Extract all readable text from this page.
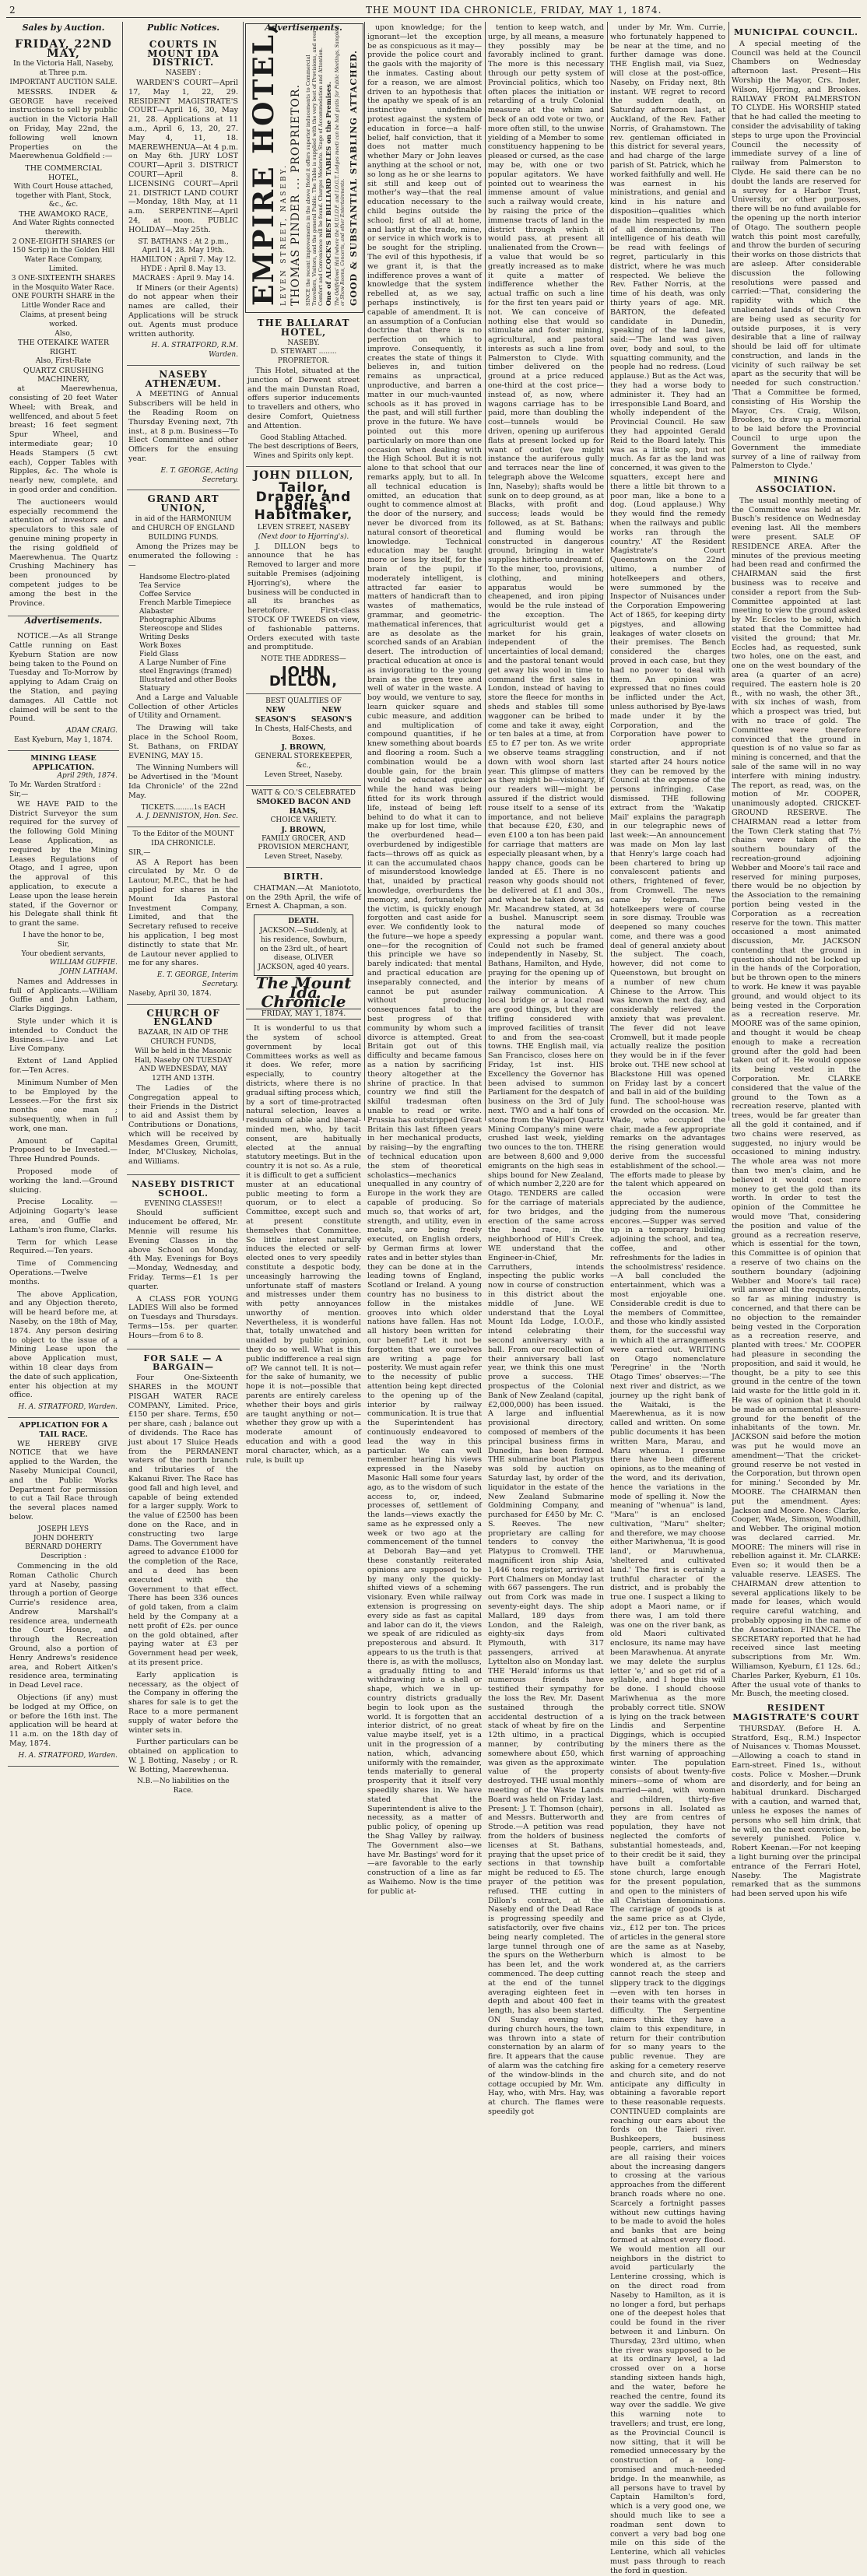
2	THE MOUNT IDA CHRONICLE, FRIDAY, MAY 1, 1874.
Sales by Auction.
FRIDAY, 22ND MAY,
In the Victoria Hall, Naseby, at Three p.m.
IMPORTANT AUCTION SALE.

MESSRS. INDER & GEORGE have received instructions to sell by public auction in the Victoria Hall on Friday, May 22nd, the following well known Properties on the Maerewhenua Goldfield :—

THE COMMERCIAL HOTEL,
With Court House attached, together with Plant, Stock, &c., &c.
THE AWAMOKO RACE,
And Water Rights connected therewith.
2 ONE-EIGHTH SHARES (or 150 Scrip) in the Golden Hill Water Race Company, Limited.
3 ONE-SIXTEENTH SHARES in the Mosquito Water Race.
ONE FOURTH SHARE in the Little Wonder Race and Claims, at present being worked.
Also,
THE OTEKAIKE WATER RIGHT.
Also, First-Rate
QUARTZ CRUSHING MACHINERY,

at Maerewhenua, consisting of 20 feet Water Wheel; with Break, and wellfenced, and about 5 feet breast; 16 feet segment Spur Wheel, and intermediate gear; 10 Heads Stampers (5 cwt each), Copper Tables with Ripples, &c. The whole is nearly new, complete, and in good order and condition.

The auctioneers would especially recommend the attention of investors and speculators to this sale of genuine mining property in the rising goldfield of Maerewhenua. The Quartz Crushing Machinery has been pronounced by competent judges to be among the best in the Province.

Advertisements.

NOTICE.—As all Strange Cattle running on East Kyeburn Station are now being taken to the Pound on Tuesday and To-Morrow by applying to Adam Craig on the Station, and paying damages. All Cattle not claimed will be sent to the Pound.

ADAM CRAIG.
East Kyeburn, May 1, 1874.
MINING LEASE APPLICATION.
April 29th, 1874.
To Mr. Warden Stratford :
Sir,—

WE HAVE PAID to the District Surveyor the sum required for the survey of the following Gold Mining Lease Application, as required by the Mining Leases Regulations of Otago, and I agree, upon the approval of this application, to execute a Lease upon the lease herein stated, if the Governor or his Delegate shall think fit to grant the same.

I have the honor to be,
Sir,
Your obedient servants,
WILLIAM GUFFIE.
JOHN LATHAM.

Names and Addresses in full of Applicants.—William Guffie and John Latham, Clarks Diggings.

Style under which it is intended to Conduct the Business.—Live and Let Live Company.

Extent of Land Applied for.—Ten Acres.

Minimum Number of Men to be Employed by the Lessees.—For the first six months one man ; subsequently, when in full work, one man.

Amount of Capital Proposed to be Invested.—Three Hundred Pounds.

Proposed mode of working the land.—Ground sluicing.

Precise Locality. — Adjoining Gogarty's lease area, and Guffie and Latham's iron flume, Clarks.

Term for which Lease Required.—Ten years.

Time of Commencing Operations.—Twelve months.

The above Application, and any Objection thereto, will be heard before me, at Naseby, on the 18th of May, 1874. Any person desiring to object to the issue of a Mining Lease upon the above Application must, within 18 clear days from the date of such application, enter his objection at my office.

H. A. STRATFORD, Warden.
APPLICATION FOR A TAIL RACE.

WE HEREBY GIVE NOTICE that we have applied to the Warden, the Naseby Municipal Council, and the Public Works Department for permission to cut a Tail Race through the several places named below.

JOSEPH LEYS
JOHN DOHERTY
BERNARD DOHERTY
Description :

Commencing in the old Roman Catholic Church yard at Naseby, passing through a portion of George Currie's residence area, Andrew Marshall's residence area, underneath the Court House, and through the Recreation Ground, also a portion of Henry Andrews's residence area, and Robert Aitken's residence area, terminating in Dead Level race.

Objections (if any) must be lodged at my Office, on or before the 16th inst. The application will be heard at 11 a.m. on the 18th day of May, 1874.

H. A. STRATFORD, Warden.
Public Notices.
COURTS IN MOUNT IDA DISTRICT.
NASEBY :

WARDEN'S COURT—April 17, May 1, 22, 29. RESIDENT MAGISTRATE'S COURT—April 16, 30, May 21, 28. Applications at 11 a.m., April 6, 13, 20, 27. May 4, 11, 18. MAEREWHENUA—At 4 p.m. on May 6th. JURY LOST COURT—April 3. DISTRICT COURT—April 8. LICENSING COURT—April 21. DISTRICT LAND COURT—Monday, 18th May, at 11 a.m. SERPENTINE—April 24, at noon. PUBLIC HOLIDAY—May 25th.

ST. BATHANS : At 2 p.m., April 14, 28. May 19th.
HAMILTON : April 7. May 12.
HYDE : April 8. May 13.
MACRAES : April 9. May 14.

If Miners (or their Agents) do not appear when their names are called, their Applications will be struck out. Agents must produce written authority.

H. A. STRATFORD, R.M. Warden.
NASEBY ATHENÆUM.

A MEETING of Annual Subscribers will be held in the Reading Room on Thursday Evening next, 7th inst., at 8 p.m. Business—To Elect Committee and other Officers for the ensuing year.

E. T. GEORGE, Acting Secretary.
GRAND ART UNION,
in aid of the HARMONIUM and CHURCH OF ENGLAND BUILDING FUNDS.

Among the Prizes may be enumerated the following :—

Handsome Electro-plated Tea Service
Coffee Service
French Marble Timepiece
Alabaster
Photographic Albums
Stereoscope and Slides
Writing Desks
Work Boxes
Field Glass
A Large Number of Fine steel Engravings (framed)
Illustrated and other Books
Statuary

And a Large and Valuable Collection of other Articles of Utility and Ornament.

The Drawing will take place in the School Room, St. Bathans, on FRIDAY EVENING, MAY 15.

The Winning Numbers will be Advertised in the 'Mount Ida Chronicle' of the 22nd May.

TICKETS.........1s EACH
A. J. DENNISTON, Hon. Sec.
To the Editor of the MOUNT IDA CHRONICLE.
SIR,—

AS A Report has been circulated by Mr. O de Lautour, M.P.C., that he had applied for shares in the Mount Ida Pastoral Investment Company, Limited, and that the Secretary refused to receive his application, I beg most distinctly to state that Mr. de Lautour never applied to me for any shares.

E. T. GEORGE, Interim Secretary.
Naseby, April 30, 1874.
CHURCH OF ENGLAND
BAZAAR, IN AID OF THE CHURCH FUNDS,
Will be held in the Masonic Hall, Naseby ON TUESDAY AND WEDNESDAY, MAY 12TH AND 13TH.

The Ladies of the Congregation appeal to their Friends in the District to aid and Assist them by Contributions or Donations, which will be received by Mesdames Green, Grumitt, Inder, M'Cluskey, Nicholas, and Williams.

NASEBY DISTRICT SCHOOL.
EVENING CLASSES!!

Should sufficient inducement be offered, Mr. Mennie will resume his Evening Classes in the above School on Monday, 4th May. Evenings for Boys—Monday, Wednesday, and Friday. Terms—£1 1s per quarter.

A CLASS FOR YOUNG LADIES Will also be formed on Tuesdays and Thursdays. Terms—15s. per quarter. Hours—from 6 to 8.

FOR SALE — A BARGAIN—

Four One-Sixteenth SHARES in the MOUNT PISGAH WATER RACE COMPANY, Limited. Price, £150 per share. Terms, £50 per share, cash ; balance out of dividends. The Race has just about 17 Sluice Heads from the PERMANENT waters of the north branch and tributaries of the Kakanui River. The Race has good fall and high level, and capable of being extended for a larger supply. Work to the value of £2500 has been done on the Race, and in constructing two large Dams. The Government have agreed to advance £1000 for the completion of the Race, and a deed has been executed with the Government to that effect. There has been 336 ounces of gold taken, from a claim held by the Company at a nett profit of £2s. per ounce on the gold obtained, after paying water at £3 per Government head per week, at its present price.

Early application is necessary, as the object of the Company in offering the shares for sale is to get the Race to a more permanent supply of water before the winter sets in.

Further particulars can be obtained on application to W. J. Botting, Naseby ; or R. W. Botting, Maerewhenua.

N.B.—No liabilities on the Race.
Advertisements.
EMPIRE HOTEL, LEVEN STREET, NASEBY. THOMAS PINDER ... PROPRIETOR. SINCE the recent improvements in the above Hotel it offers superior inducements to Commercial Travellers, Visitors, and the general Public. The Table is supplied with the very best of Provisions, and every Comfort and Convenience will be found. Charges Moderate. Stage of Accommodation and Attention. One of ALCOCK'S BEST BILLIARD TABLES on the Premises. The Oddfellows' Hall (where the M.U.I.O.F. and I.O.G.T. Lodges meet) can be had gratis for Public Meetings, Sample or Show Rooms, Concerts, and other Entertainments. GOOD & SUBSTANTIAL STABLING ATTACHED.
THE BALLARAT HOTEL,
NASEBY.
D. STEWART ........ PROPRIETOR.

This Hotel, situated at the junction of Derwent street and the main Dunstan Road, offers superior inducements to travellers and others, who desire Comfort, Quietness and Attention.

Good Stabling Attached.
The best descriptions of Beers, Wines and Spirits only kept.
JOHN DILLON,
Tailor, Draper, and Ladies' Habitmaker,
LEVEN STREET, NASEBY
(Next door to Hjorring's).

J. DILLON begs to announce that he has Removed to larger and more suitable Premises (adjoining Hjorring's), where the business will be conducted in all its branches as heretofore. First-class STOCK OF TWEEDS on view, of fashionable patterns. Orders executed with taste and promptitude.

NOTE THE ADDRESS—
JOHN DILLON,
BEST QUALITIES OF
NEW SEASON'S
NEW SEASON'S
In Chests, Half-Chests, and Boxes.
J. BROWN,
GENERAL STOREKEEPER, &c.,
Leven Street, Naseby.
WATT & CO.'S CELEBRATED
SMOKED BACON AND HAMS,
CHOICE VARIETY.
J. BROWN,
FAMILY GROCER, AND PROVISION MERCHANT, Leven Street, Naseby.
BIRTH.

CHATMAN.—At Maniototo, on the 29th April, the wife of Ernest A. Chapman, a son.

DEATH.
JACKSON.—Suddenly, at his residence, Sowburn, on the 23rd ult., of heart disease, OLIVER JACKSON, aged 40 years.
The Mount Ida Chronicle
FRIDAY, MAY 1, 1874.

It is wonderful to us that the system of school government by local Committees works as well as it does. We refer, more especially, to country districts, where there is no gradual sifting process which, by a sort of time-protracted natural selection, leaves a residuum of able and liberal-minded men, who, by tacit consent, are habitually elected at the annual statutory meetings. But in the country it is not so. As a rule, it is difficult to get a sufficient muster at an educational public meeting to form a quorum, or to elect a Committee, except such and at present constitute themselves that Committee. So little interest naturally induces the elected or self-elected ones to very speedily constitute a despotic body, unceasingly harrowing the unfortunate staff of masters and mistresses under them with petty annoyances unworthy of mention. Nevertheless, it is wonderful that, totally unwatched and unaided by public opinion, they do so well. What is this public indifference a real sign of? We cannot tell. It is not—for the sake of humanity, we hope it is not—possible that parents are entirely careless whether their boys and girls are taught anything or not—whether they grow up with a moderate amount of education and with a good moral character, which, as a rule, is built up

upon knowledge; for the ignorant—let the exception be as conspicuous as it may—provide the police court and the gaols with the majority of the inmates. Casting about for a reason, we are almost driven to an hypothesis that the apathy we speak of is an instinctive undefinable protest against the system of education in force—a half-belief, half conviction, that it does not matter much whether Mary or John leaves anything at the school or not, so long as he or she learns to sit still and keep out of mother's way—that the real education necessary to the child begins outside the school; first of all at home, and lastly at the trade, mine, or service in which work is to be sought for the stripling. The evil of this hypothesis, if we grant it, is that the indifference proves a want of knowledge that the system rebelled at, as we say, perhaps instinctively, is capable of amendment. It is an assumption of a Confucian doctrine that there is no perfection on which to improve. Consequently, it creates the state of things it believes in, and tuition remains as unpractical, unproductive, and barren a matter in our much-vaunted schools as it has proved in the past, and will still further prove in the future. We have pointed out this more particularly on more than one occasion when dealing with the High School. But it is not alone to that school that our remarks apply, but to all. In all technical education is omitted, an education that ought to commence almost at the door of the nursery, and never be divorced from its natural consort of theoretical knowledge. Technical education may be taught more or less by itself, for the brain of the pupil, if moderately intelligent, is attracted far easier to matters of handicraft than to wastes of mathematics, grammar, and geometric-mathematical inferences, that are as desolate as the scorched sands of an Arabian desert. The introduction of practical education at once is as invigorating to the young brain as the green tree and well of water in the waste. A boy would, we venture to say, learn quicker square and cubic measure, and addition and multiplication of compound quantities, if he knew something about boards and flooring a room. Such a combination would be a double gain, for the brain would be educated quicker while the hand was being fitted for its work through life, instead of being left behind to do what it can to make up for lost time, while the overburdened head—overburdened by indigestible facts—throws off as quick as it can the accumulated chaos of misunderstood knowledge that, unaided by practical knowledge, overburdens the memory, and, fortunately for the victim, is quickly enough forgotten and cast aside for ever. We confidently look to the future—we hope a speedy one—for the recognition of this principle we have so barely indicated: that mental and practical education are inseparably connected, and cannot be put asunder without producing consequences fatal to the best progress of that community by whom such a divorce is attempted. Great Britain got out of this difficulty and became famous as a nation by sacrificing theory altogether at the shrine of practice. In that country we find still the skilful tradesman often unable to read or write. Prussia has outstripped Great Britain this last fifteen years in her mechanical products, by raising—by the engrafting of technical education upon the stem of theoretical scholastics—mechanics unequalled in any country of Europe in the work they are capable of producing. So much so, that works of art, strength, and utility, even in metals, are being freely executed, on English orders, by German firms at lower rates and in better styles than they can be done at in the leading towns of England, Scotland or Ireland. A young country has no business to follow in the mistakes grooves into which older nations have fallen. Has not all history been written for our benefit? Let it not be forgotten that we ourselves are writing a page for posterity. We must again refer to the necessity of public attention being kept directed to the opening up of the interior by railway communication. It is true that the Superintendent has continuously endeavored to lead the way in this particular. We can well remember hearing his views expressed in the Naseby Masonic Hall some four years ago, as to the wisdom of such access to, or, indeed, processes of, settlement of the lands—views exactly the same as he expressed only a week or two ago at the commencement of the tunnel at Deborah Bay—and yet these constantly reiterated opinions are supposed to be by many only the quickly-shifted views of a scheming visionary. Even while railway extension is progressing on every side as fast as capital and labor can do it, the views we speak of are ridiculed as preposterous and absurd. It appears to us the truth is that there is, as with the molluscs, a gradually fitting to and withdrawing into a shell or shape, which we in up-country districts gradually begin to look upon as the world. It is forgotten that an interior district, of no great value maybe itself, yet is a unit in the progression of a nation, which, advancing uniformly with the remainder, tends materially to general prosperity that it itself very speedily shares in. We have stated that the Superintendent is alive to the necessity, as a matter of public policy, of opening up the Shag Valley by railway. The Government also—we have Mr. Bastings' word for it—are favorable to the early construction of a line as far as Waihemo. Now is the time for public at-

tention to keep watch, and urge, by all means, a measure they possibly may be favorably inclined to grant. The more is this necessary through our petty system of Provincial politics, which too often places the initiation or retarding of a truly Colonial measure at the whim and beck of an odd vote or two, or more often still, to the unwise yielding of a Member to some constituency happening to be pleased or cursed, as the case may be, with one or two popular agitators. We have pointed out to weariness the immense amount of value such a railway would create, by raising the price of the immense tracts of land in the district through which it would pass, at present all unalienated from the Crown—a value that would be so greatly increased as to make it quite a matter of indifference whether the actual traffic on such a line for the first ten years paid or not. We can conceive of nothing else that would so stimulate and foster mining, agricultural, and pastoral interests as such a line from Palmerston to Clyde. With timber delivered on the ground at a price reduced one-third at the cost price—instead of, as now, where wagons carriage has to be paid, more than doubling the cost—tunnels would be driven, opening up auriferous flats at present locked up for want of outlet (we might instance the auriferous gully and terraces near the line of telegraph above the Welcome Inn, Naseby); shafts would be sunk on to deep ground, as at Blacks, with profit and success; leads would be followed, as at St. Bathans; and fluming would be constructed in dangerous ground, bringing in water supplies hitherto undreamt of. To the miner, too, provisions, clothing, and mining apparatus would be cheapened, and iron piping would be the rule instead of the exception. The agriculturist would get a market for his grain, independent of the uncertainties of local demand; and the pastoral tenant would get away his wool in time to command the first sales in London, instead of having to store the fleece for months in sheds and stables till some waggoner can be bribed to come and take it away, eight or ten bales at a time, at from £5 to £7 per ton. As we write we observe teams straggling down with wool shorn last year. This glimpse of matters as they might be—visionary, if our readers will—might be assured if the district would rouse itself to a sense of its importance, and not believe that because £20, £30, and even £100 a ton has been paid for carriage that matters are especially pleasant when, by a happy chance, goods can be landed at £5. There is no reason why goods should not be delivered at £1 and 30s., and wheat be taken down, as Mr. Macandrew stated, at 3d a bushel. Manuscript seem the natural mode of expressing a popular want. Could not such be framed independently in Naseby, St. Bathans, Hamilton, and Hyde, praying for the opening up of the interior by means of railway communication. A local bridge or a local road are good things, but they are trifling considered with improved facilities of transit to and from the sea-coast towns. THE English mail, via San Francisco, closes here on Friday, 1st inst. HIS Excellency the Governor has been advised to summon Parliament for the despatch of business on the 3rd of July next. TWO and a half tons of stone from the Waipori Quartz Mining Company's mine were crushed last week, yielding two ounces to the ton. THERE are between 8,600 and 9,000 emigrants on the high seas in ships bound for New Zealand, of which number 2,220 are for Otago. TENDERS are called for the carriage of materials for two bridges, and the erection of the same across the head race, in the neighborhood of Hill's Creek. WE understand that the Engineer-in-Chief, Mr. Carruthers, intends inspecting the public works now in course of construction in this district about the middle of June. WE understand that the Loyal Mount Ida Lodge, I.O.O.F., intend celebrating their second anniversary with a ball. From our recollection of their anniversary ball last year, we think this one must prove a success. THE prospectus of the Colonial Bank of New Zealand (capital, £2,000,000) has been issued. A large and influential provisional directory, composed of members of the principal business firms in Dunedin, has been formed. THE submarine boat Platypus was sold by auction on Saturday last, by order of the liquidator in the estate of the New Zealand Submarine Goldmining Company, and purchased for £450 by Mr. C. S. Reeves. The new proprietary are calling for tenders to convey the Platypus to Cromwell. THE magnificent iron ship Asia, 1,446 tons register, arrived at Port Chalmers on Monday last with 667 passengers. The run out from Cork was made in seventy-eight days. The ship Mallard, 189 days from London, and the Raleigh, eighty-six days from Plymouth, with 317 passengers, arrived at Lyttelton also on Monday last. THE 'Herald' informs us that numerous friends have testified their sympathy for the loss the Rev. Mr. Dasent sustained through the accidental destruction of a stack of wheat by fire on the 12th ultimo, in a practical manner, by contributing somewhere about £50, which was given as the approximate value of the property destroyed. THE usual monthly meeting of the Waste Lands Board was held on Friday last. Present: J. T. Thomson (chair), and Messrs. Butterworth and Strode.—A petition was read from the holders of business licenses at St. Bathans, praying that the upset price of sections in that township might be reduced to £5. The prayer of the petition was refused. THE cutting in Dillon's contract, at the Naseby end of the Dead Race is progressing speedily and satisfactorily, over five chains being nearly completed. The large tunnel through one of the spurs on the Wetherburn has been let, and the work commenced. The deep cutting at the end of the tunnel averaging eighteen feet in depth and about 400 feet in length, has also been started. ON Sunday evening last, during church hours, the town was thrown into a state of consternation by an alarm of fire. It appears that the cause of alarm was the catching fire of the window-blinds in the cottage occupied by Mr. Wm. Hay, who, with Mrs. Hay, was at church. The flames were speedily got

under by Mr. Wm. Currie, who fortunately happened to be near at the time, and no further damage was done. THE English mail, via Suez, will close at the post-office, Naseby, on Friday next, 8th instant. WE regret to record the sudden death, on Saturday afternoon last, at Auckland, of the Rev. Father Norris, of Grahamstown. The rev. gentleman officiated in this district for several years, and had charge of the large parish of St. Patrick, which he worked faithfully and well. He was earnest in his ministrations, and genial and kind in his nature and disposition—qualities which made him respected by men of all denominations. The intelligence of his death will be read with feelings of regret, particularly in this district, where he was much respected. We believe the Rev. Father Norris, at the time of his death, was only thirty years of age. MR. BARTON, the defeated candidate in Dunedin, speaking of the land laws, said:—'The land was given over, body and soul, to the squatting community, and the people had no redress. (Loud applause.) But as the Act was, they had a worse body to administer it. They had an irresponsible Land Board, and wholly independent of the Provincial Council. He saw they had appointed Gerald Reid to the Board lately. This was as a little sop, but not much. As far as the land was concerned, it was given to the squatters, except here and there a little bit thrown to a poor man, like a bone to a dog. (Loud applause.) Why they would find the remedy when the railways and public works ran through the country.' AT the Resident Magistrate's Court Queenstown on the 22nd ultimo, a number of hotelkeepers and others, were summoned by the Inspector of Nuisances under the Corporation Empowering Act of 1865, for keeping dirty pigstyes, and allowing leakages of water closets on their premises. The Bench considered the charges proved in each case, but they had no power to deal with them. An opinion was expressed that no fines could be inflicted under the Act, unless authorised by Bye-laws made under it by the Corporation, and the Corporation have power to order appropriate construction, and if not started after 24 hours notice they can be removed by the Council at the expense of the persons infringing. Case dismissed. THE following extract from the 'Wakatip Mail' explains the paragraph in our telegraphic news of last week:—An announcement was made on Mon lay last that Henry's large coach had been chartered to bring up convalescent patients and others, frightened of fever, from Cromwell. The news came by telegram. The hotelkeepers were of course in sore dismay. Trouble was deepened so many couches come, and there was a good deal of general anxiety about the subject. The coach, however, did not come to Queenstown, but brought on a number of new chum Chinese to the Arrow. This was known the next day, and considerably relieved the anxiety that was prevalent. The fever did not leave Cromwell, but it made people actually realize the position they would be in if the fever broke out. THE new school at Blackstone Hill was opened on Friday last by a concert and ball in aid of the building fund. The school-house was crowded on the occasion. Mr. Wade, who occupied the chair, made a few appropriate remarks on the advantages the rising generation would derive from the successful establishment of the school.—The efforts made to please by the talent which appeared on the occasion were appreciated by the audience, judging from the numerous encores.—Supper was served up in a temporary building adjoining the school, and tea, coffee, and other refreshments for the ladies in the schoolmistress' residence.—A ball concluded the entertainment, which was a most enjoyable one. Considerable credit is due to the members of Committee, and those who kindly assisted them, for the successful way in which all the arrangements were carried out. WRITING on Otago nomenclature 'Peregrine' in the 'North Otago Times' observes:—'The next river and district, as we journey up the right bank of the Waitaki, is the Maerewhenua, as it is now called and written. On some public documents it has been written Mara, Marau, and Maru whenua. I presume there have been different opinions, as to the meaning of the word, and its derivation, hence the variations in the mode of spelling it. Now the meaning of ''whenua'' is land, ''Mara'' is an enclosed cultivation, ''Maru'' shelter; and therefore, we may choose either Mariwhenua, 'It is good land', or Maruwhenua, 'sheltered and cultivated land.' The first is certainly a truthful character of the district, and is probably the true one. I suspect a liking to adopt a Maori name, or if there was, I am told there was one on the river bank, as old Maori cultivated enclosure, its name may have been Marawhenua. At anyrate we may delete the surplus letter 'e,' and so get rid of a syllable, and I hope this will be done. I should choose Mariwhenua as the more probably correct title. SNOW is lying on the track between Lindis and Serpentine Diggings, which is occupied by the miners there as the first warning of approaching winter. The population consists of about twenty-five miners—some of whom are married—and, with women and children, thirty-five persons in all. Isolated as they are from centres of population, they have not neglected the comforts of substantial homesteads, and, to their credit be it said, they have built a comfortable stone church, large enough for the present population, and open to the ministers of all Christian denominations. The carriage of goods is at the same price as at Clyde, viz., £12 per ton. The prices of articles in the general store are the same as at Naseby, which is almost to be wondered at, as the carriers cannot reach the steep and slippery track to the diggings—even with ten horses in their teams with the greatest difficulty. The Serpentine miners think they have a claim to this expenditure, in return for their contribution for so many years to the public revenue. They are asking for a cemetery reserve and church site, and do not anticipate any difficulty in obtaining a favorable report to these reasonable requests. CONTINUED complaints are reaching our ears about the fords on the Taieri river. Bushkeepers, business people, carriers, and miners are all raising their voices about the increasing dangers to crossing at the various approaches from the different branch roads where no one. Scarcely a fortnight passes without new cuttings having to be made to avoid the holes and banks that are being formed at almost every flood. We would mention all our neighbors in the district to avoid particularly the Lenterine crossing, which is on the direct road from Naseby to Hamilton, as it is no longer a ford, but perhaps one of the deepest holes that could be found in the river between it and Linburn. On Thursday, 23rd ultimo, when the river was supposed to be at its ordinary level, a lad crossed over on a horse standing sixteen hands high, and the water, before he reached the centre, found its way over the saddle. We give this warning note to travellers; and trust, ere long, as the Provincial Council is now sitting, that it will be remedied unnecessary by the construction of a long-promised and much-needed bridge. In the meanwhile, as all persons have to travel by Captain Hamilton's ford, which is a very good one, we should much like to see a roadman sent down to convert a very bad bog one mile on this side of the Lenterine, which all vehicles must pass through to reach the ford in question.

MUNICIPAL COUNCIL.

A special meeting of the Council was held at the Council Chambers on Wednesday afternoon last. Present—His Worship the Mayor, Crs. Inder, Wilson, Hjorring, and Brookes. RAILWAY FROM PALMERSTON TO CLYDE. His WORSHIP stated that he had called the meeting to consider the advisability of taking steps to urge upon the Provincial Council the necessity of immediate survey of a line of railway from Palmerston to Clyde. He said there can be no doubt the lands are reserved for a survey for a Harbor Trust, University, or other purposes, there will be no fund available for the opening up the north interior of Otago. The southern people watch this point most carefully, and throw the burden of securing their works on those districts that are asleep. After considerable discussion the following resolutions were passed and carried:—'That, considering the rapidity with which the unalienated lands of the Crown are being used as security for outside purposes, it is very desirable that a line of railway should be laid off for ultimate construction, and lands in the vicinity of such railway be set apart as the security that will be needed for such construction.' 'That a Committee be formed, consisting of His Worship the Mayor, Crs. Craig, Wilson, Brookes, to draw up a memorial to be laid before the Provincial Council to urge upon the Government the immediate survey of a line of railway from Palmerston to Clyde.'

MINING ASSOCIATION.

The usual monthly meeting of the Committee was held at Mr. Busch's residence on Wednesday evening last. All the members were present. SALE OF RESIDENCE AREA. After the minutes of the previous meeting had been read and confirmed the CHAIRMAN said the first business was to receive and consider a report from the Sub-Committee appointed at last meeting to view the ground asked by Mr. Eccles to be sold, which stated that the Committee had visited the ground; that Mr. Eccles had, as requested, sunk two holes, one on the east, and one on the west boundary of the area (a quarter of an acre) required. The eastern hole is 20 ft., with no wash, the other 3ft., with six inches of wash, from which a prospect was tried, but with no trace of gold. The Committee were therefore convinced that the ground in question is of no value so far as mining is concerned, and that the sale of the same will in no way interfere with mining industry. The report, as read, was, on the motion of Mr. COOPER, unanimously adopted. CRICKET-GROUND RESERVE. The CHAIRMAN read a letter from the Town Clerk stating that 7½ chains were taken off the southern boundary of the recreation-ground adjoining Webber and Moore's tail race and reserved for mining purposes, there would be no objection by the Association to the remaining portion being vested in the Corporation as a recreation reserve for the town. This matter occasioned a most animated discussion, Mr. JACKSON contending that the ground in question should not be locked up in the hands of the Corporation, but be thrown open to the miners to work. He knew it was payable ground, and would object to its being vested in the Corporation as a recreation reserve. Mr. MOORE was of the same opinion, and thought it would be cheap enough to make a recreation ground after the gold had been taken out of it. He would oppose its being vested in the Corporation. Mr. CLARKE considered that the value of the ground to the Town as a recreation reserve, planted with trees, would be far greater than all the gold it contained, and if two chains were reserved, as suggested, no injury would be occasioned to mining industry. The whole area was not more than two men's claim, and he believed it would cost more money to get the gold than its worth. In order to test the opinion of the Committee he would move 'That, considering the position and value of the ground as a recreation reserve, which is essential for the town, this Committee is of opinion that a reserve of two chains on the southern boundary (adjoining Webber and Moore's tail race) will answer all the requirements, so far as mining industry is concerned, and that there can be no objection to the remainder being vested in the Corporation as a recreation reserve, and planted with trees.' Mr. COOPER had pleasure in seconding the proposition, and said it would, he thought, be a pity to see this ground in the centre of the town laid waste for the little gold in it. He was of opinion that it should be made an ornamental pleasure-ground for the benefit of the inhabitants of the town. Mr. JACKSON said before the motion was put he would move an amendment—'That the cricket-ground reserve be not vested in the Corporation, but thrown open for mining.' Seconded by Mr. MOORE. The CHAIRMAN then put the amendment. Ayes: Jackson and Moore. Noes: Clarke, Cooper, Wade, Simson, Woodhill, and Webber. The original motion was declared carried. Mr. MOORE: The miners will rise in rebellion against it. Mr. CLARKE: Even so; it would then be a valuable reserve. LEASES. The CHAIRMAN drew attention to several applications likely to be made for leases, which would require careful watching, and probably opposing in the name of the Association. FINANCE. The SECRETARY reported that he had received since last meeting subscriptions from Mr. Wm. Williamson, Kyeburn, £1 12s. 6d.; Charles Parker, Kyeburn, £1 10s. After the usual vote of thanks to Mr. Busch, the meeting closed.

RESIDENT MAGISTRATE'S COURT

THURSDAY. (Before H. A. Stratford, Esq., R.M.) Inspector of Nuisances v. Thomas Mousset.—Allowing a coach to stand in Earn-street. Fined 1s., without costs. Police v. Mosher.—Drunk and disorderly, and for being an habitual drunkard. Discharged with a caution, and warned that, unless he exposes the names of persons who sell him drink, that he will, on the next conviction, be severely punished. Police v. Robert Keenan.—For not keeping a light burning over the principal entrance of the Ferrari Hotel, Naseby. The Magistrate remarked that as the summons had been served upon his wife
